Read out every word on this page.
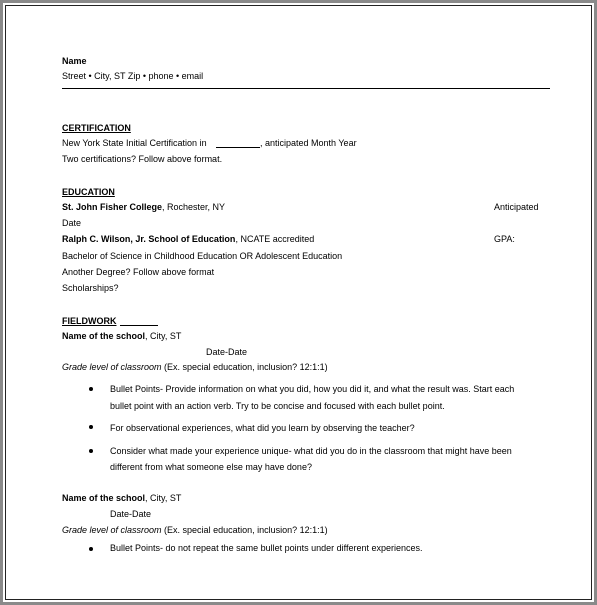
Name
Street • City, ST Zip • phone • email
CERTIFICATION
New York State Initial Certification in	, anticipated Month Year
Two certifications? Follow above format.
EDUCATION
St. John Fisher College, Rochester, NY	Anticipated
Date
Ralph C. Wilson, Jr. School of Education, NCATE accredited	GPA:
Bachelor of Science in Childhood Education OR Adolescent Education
Another Degree? Follow above format
Scholarships?
FIELDWORK
Name of the school, City, ST
Date-Date
Grade level of classroom (Ex. special education, inclusion? 12:1:1)
Bullet Points- Provide information on what you did, how you did it, and what the result was. Start each
bullet point with an action verb. Try to be concise and focused with each bullet point.
For observational experiences, what did you learn by observing the teacher?
Consider what made your experience unique- what did you do in the classroom that might have been
different from what someone else may have done?
Name of the school, City, ST
Date-Date
Grade level of classroom (Ex. special education, inclusion? 12:1:1)
Bullet Points- do not repeat the same bullet points under different experiences.
